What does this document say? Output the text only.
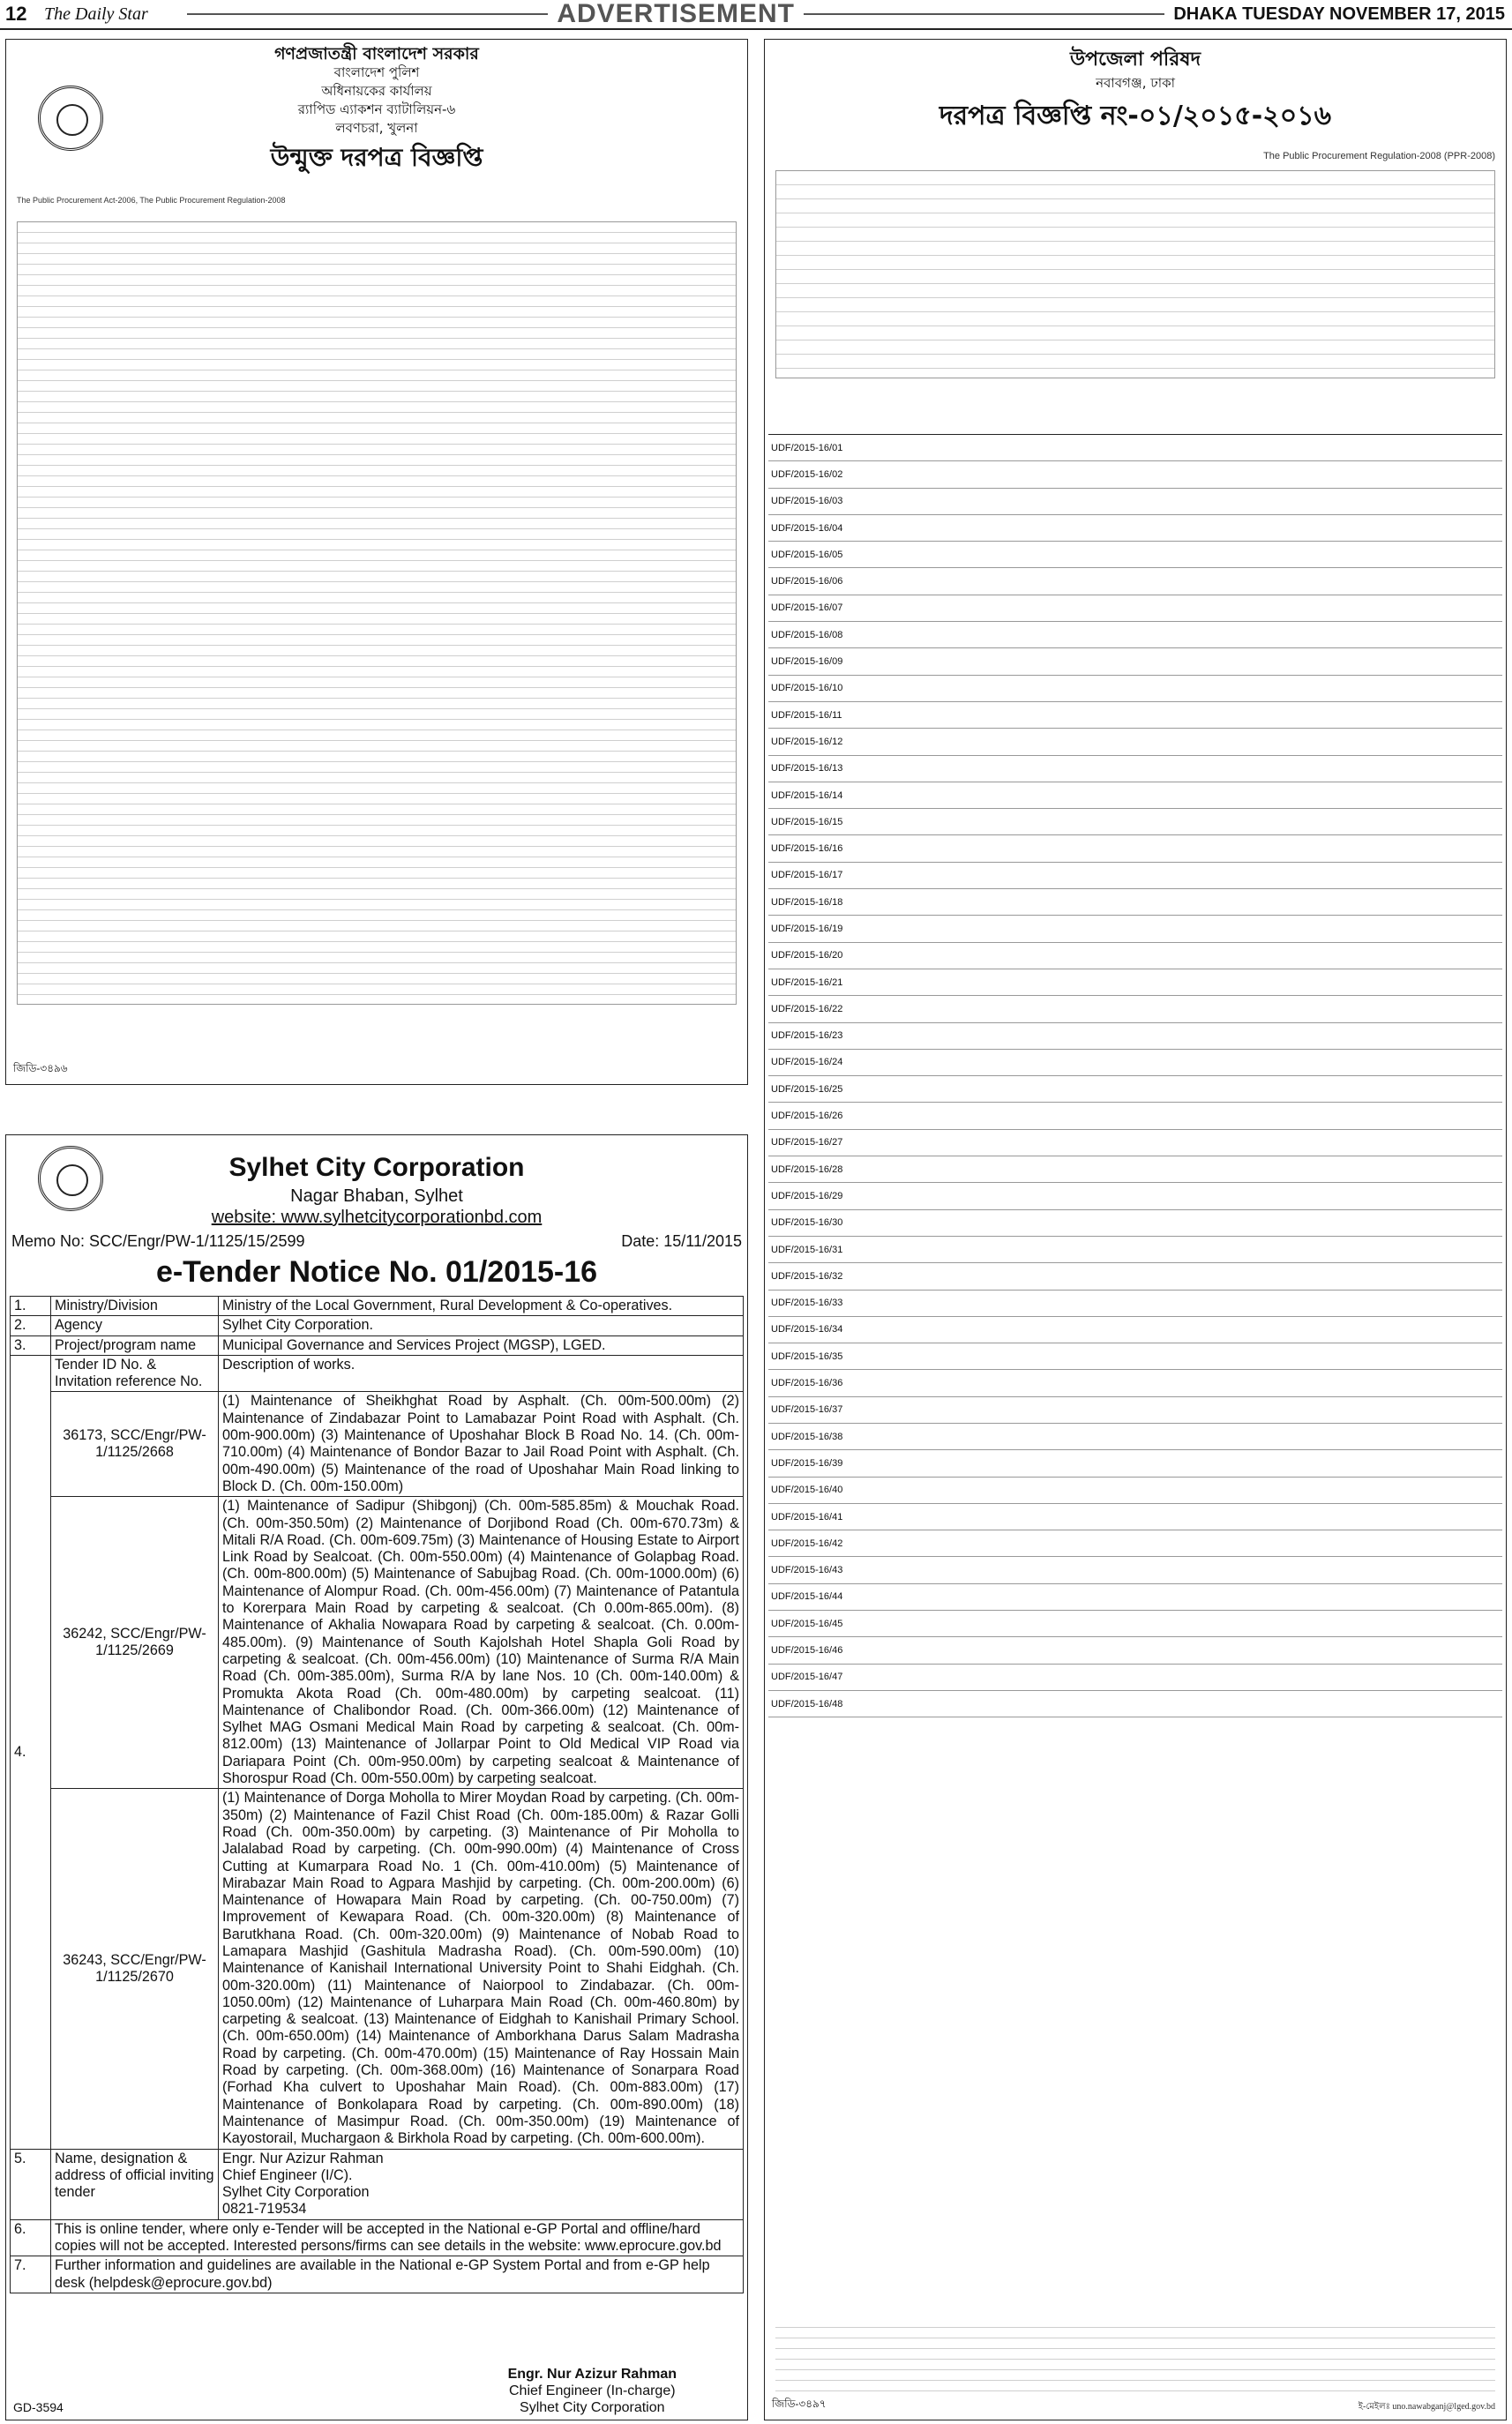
12 The Daily Star	ADVERTISEMENT	DHAKA TUESDAY NOVEMBER 17, 2015
গণপ্রজাতন্ত্রী বাংলাদেশ সরকার
বাংলাদেশ পুলিশ
অধিনায়কের কার্যালয়
র‍্যাপিড এ্যাকশন ব্যাটালিয়ন-৬
লবণচরা, খুলনা
উন্মুক্ত দরপত্র বিজ্ঞপ্তি
The Public Procurement Act-2006, The Public Procurement Regulation-2008
জিডি-৩৪৯৬
উপজেলা পরিষদ
নবাবগঞ্জ, ঢাকা
দরপত্র বিজ্ঞপ্তি নং-০১/২০১৫-২০১৬
The Public Procurement Regulation-2008 (PPR-2008)
UDF/2015-16/01
UDF/2015-16/02
UDF/2015-16/03
UDF/2015-16/04
UDF/2015-16/05
UDF/2015-16/06
UDF/2015-16/07
UDF/2015-16/08
UDF/2015-16/09
UDF/2015-16/10
UDF/2015-16/11
UDF/2015-16/12
UDF/2015-16/13
UDF/2015-16/14
UDF/2015-16/15
UDF/2015-16/16
UDF/2015-16/17
UDF/2015-16/18
UDF/2015-16/19
UDF/2015-16/20
UDF/2015-16/21
UDF/2015-16/22
UDF/2015-16/23
UDF/2015-16/24
UDF/2015-16/25
UDF/2015-16/26
UDF/2015-16/27
UDF/2015-16/28
UDF/2015-16/29
UDF/2015-16/30
UDF/2015-16/31
UDF/2015-16/32
UDF/2015-16/33
UDF/2015-16/34
UDF/2015-16/35
UDF/2015-16/36
UDF/2015-16/37
UDF/2015-16/38
UDF/2015-16/39
UDF/2015-16/40
UDF/2015-16/41
UDF/2015-16/42
UDF/2015-16/43
UDF/2015-16/44
UDF/2015-16/45
UDF/2015-16/46
UDF/2015-16/47
UDF/2015-16/48
ই-মেইলঃ uno.nawabganj@lged.gov.bd
জিডি-৩৪৯৭
Sylhet City Corporation
Nagar Bhaban, Sylhet
website: www.sylhetcitycorporationbd.com
Memo No: SCC/Engr/PW-1/1125/15/2599	Date: 15/11/2015
e-Tender Notice No. 01/2015-16
1.	Ministry/Division	Ministry of the Local Government, Rural Development & Co-operatives.
2.	Agency	Sylhet City Corporation.
3.	Project/program name	Municipal Governance and Services Project (MGSP), LGED.
4.	Tender ID No. & Invitation reference No.	Description of works.
	36173, SCC/Engr/PW-1/1125/2668	(1) Maintenance of Sheikhghat Road by Asphalt. (Ch. 00m-500.00m) (2) Maintenance of Zindabazar Point to Lamabazar Point Road with Asphalt. (Ch. 00m-900.00m) (3) Maintenance of Uposhahar Block B Road No. 14. (Ch. 00m-710.00m) (4) Maintenance of Bondor Bazar to Jail Road Point with Asphalt. (Ch. 00m-490.00m) (5) Maintenance of the road of Uposhahar Main Road linking to Block D. (Ch. 00m-150.00m)
	36242, SCC/Engr/PW-1/1125/2669	(1) Maintenance of Sadipur (Shibgonj) (Ch. 00m-585.85m) & Mouchak Road. (Ch. 00m-350.50m) (2) Maintenance of Dorjibond Road (Ch. 00m-670.73m) & Mitali R/A Road. (Ch. 00m-609.75m) (3) Maintenance of Housing Estate to Airport Link Road by Sealcoat. (Ch. 00m-550.00m) (4) Maintenance of Golapbag Road. (Ch. 00m-800.00m) (5) Maintenance of Sabujbag Road. (Ch. 00m-1000.00m) (6) Maintenance of Alompur Road. (Ch. 00m-456.00m) (7) Maintenance of Patantula to Korerpara Main Road by carpeting & sealcoat. (Ch 0.00m-865.00m). (8) Maintenance of Akhalia Nowapara Road by carpeting & sealcoat. (Ch. 0.00m-485.00m). (9) Maintenance of South Kajolshah Hotel Shapla Goli Road by carpeting & sealcoat. (Ch. 00m-456.00m) (10) Maintenance of Surma R/A Main Road (Ch. 00m-385.00m), Surma R/A by lane Nos. 10 (Ch. 00m-140.00m) & Promukta Akota Road (Ch. 00m-480.00m) by carpeting sealcoat. (11) Maintenance of Chalibondor Road. (Ch. 00m-366.00m) (12) Maintenance of Sylhet MAG Osmani Medical Main Road by carpeting & sealcoat. (Ch. 00m-812.00m) (13) Maintenance of Jollarpar Point to Old Medical VIP Road via Dariapara Point (Ch. 00m-950.00m) by carpeting sealcoat & Maintenance of Shorospur Road (Ch. 00m-550.00m) by carpeting sealcoat.
	36243, SCC/Engr/PW-1/1125/2670	(1) Maintenance of Dorga Moholla to Mirer Moydan Road by carpeting. (Ch. 00m-350m) (2) Maintenance of Fazil Chist Road (Ch. 00m-185.00m) & Razar Golli Road (Ch. 00m-350.00m) by carpeting. (3) Maintenance of Pir Moholla to Jalalabad Road by carpeting. (Ch. 00m-990.00m) (4) Maintenance of Cross Cutting at Kumarpara Road No. 1 (Ch. 00m-410.00m) (5) Maintenance of Mirabazar Main Road to Agpara Mashjid by carpeting. (Ch. 00m-200.00m) (6) Maintenance of Howapara Main Road by carpeting. (Ch. 00-750.00m) (7) Improvement of Kewapara Road. (Ch. 00m-320.00m) (8) Maintenance of Barutkhana Road. (Ch. 00m-320.00m) (9) Maintenance of Nobab Road to Lamapara Mashjid (Gashitula Madrasha Road). (Ch. 00m-590.00m) (10) Maintenance of Kanishail International University Point to Shahi Eidghah. (Ch. 00m-320.00m) (11) Maintenance of Naiorpool to Zindabazar. (Ch. 00m-1050.00m) (12) Maintenance of Luharpara Main Road (Ch. 00m-460.80m) by carpeting & sealcoat. (13) Maintenance of Eidghah to Kanishail Primary School. (Ch. 00m-650.00m) (14) Maintenance of Amborkhana Darus Salam Madrasha Road by carpeting. (Ch. 00m-470.00m) (15) Maintenance of Ray Hossain Main Road by carpeting. (Ch. 00m-368.00m) (16) Maintenance of Sonarpara Road (Forhad Kha culvert to Uposhahar Main Road). (Ch. 00m-883.00m) (17) Maintenance of Bonkolapara Road by carpeting. (Ch. 00m-890.00m) (18) Maintenance of Masimpur Road. (Ch. 00m-350.00m) (19) Maintenance of Kayostorail, Muchargaon & Birkhola Road by carpeting. (Ch. 00m-600.00m).
5.	Name, designation & address of official inviting tender	Engr. Nur Azizur Rahman
Chief Engineer (I/C).
Sylhet City Corporation
0821-719534
6.	This is online tender, where only e-Tender will be accepted in the National e-GP Portal and offline/hard copies will not be accepted. Interested persons/firms can see details in the website: www.eprocure.gov.bd	
7.	Further information and guidelines are available in the National e-GP System Portal and from e-GP help desk (helpdesk@eprocure.gov.bd)	
Engr. Nur Azizur Rahman
Chief Engineer (In-charge)
Sylhet City Corporation
GD-3594
